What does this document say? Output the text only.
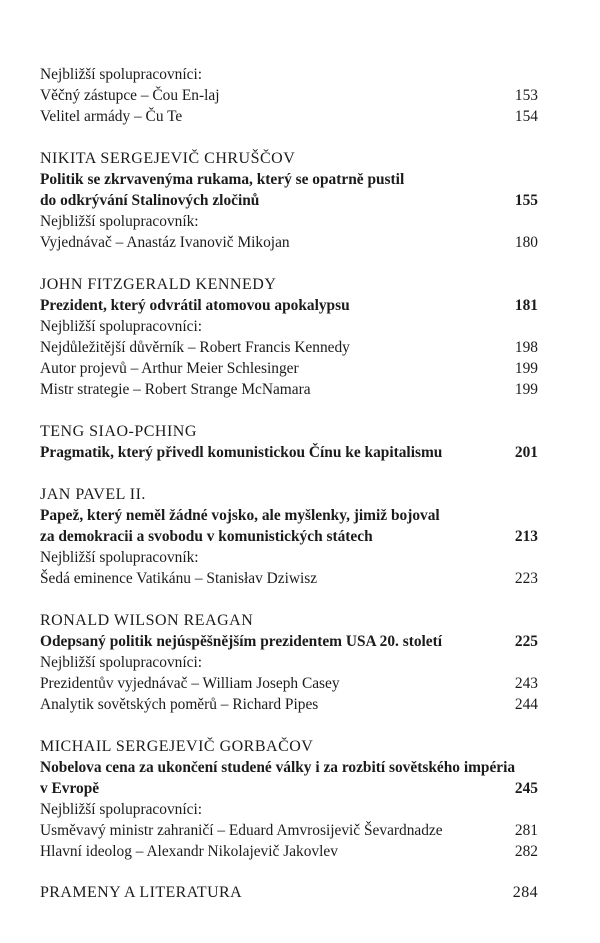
Nejbližší spolupracovníci:
Věčný zástupce – Čou En-laj	153
Velitel armády – Ču Te	154
NIKITA SERGEJEVIČ CHRUŠČOV
Politik se zkrvavenýma rukama, který se opatrně pustil
do odkrývání Stalinových zločinů	155
Nejbližší spolupracovník:
Vyjednávač – Anastáz Ivanovič Mikojan	180
JOHN FITZGERALD KENNEDY
Prezident, který odvrátil atomovou apokalypsu	181
Nejbližší spolupracovníci:
Nejdůležitější důvěrník – Robert Francis Kennedy	198
Autor projevů – Arthur Meier Schlesinger	199
Mistr strategie – Robert Strange McNamara	199
TENG SIAO-PCHING
Pragmatik, který přivedl komunistickou Čínu ke kapitalismu	201
JAN PAVEL II.
Papež, který neměl žádné vojsko, ale myšlenky, jimiž bojoval
za demokracii a svobodu v komunistických státech	213
Nejbližší spolupracovník:
Šedá eminence Vatikánu – Stanisłav Dziwisz	223
RONALD WILSON REAGAN
Odepsaný politik nejúspěšnějším prezidentem USA 20. století	225
Nejbližší spolupracovníci:
Prezidentův vyjednávač – William Joseph Casey	243
Analytik sovětských poměrů – Richard Pipes	244
MICHAIL SERGEJEVIČ GORBAČOV
Nobelova cena za ukončení studené války i za rozbití sovětského impéria
v Evropě	245
Nejbližší spolupracovníci:
Usměvavý ministr zahraničí – Eduard Amvrosijevič Ševardnadze	281
Hlavní ideolog – Alexandr Nikolajevič Jakovlev	282
PRAMENY A LITERATURA	284
